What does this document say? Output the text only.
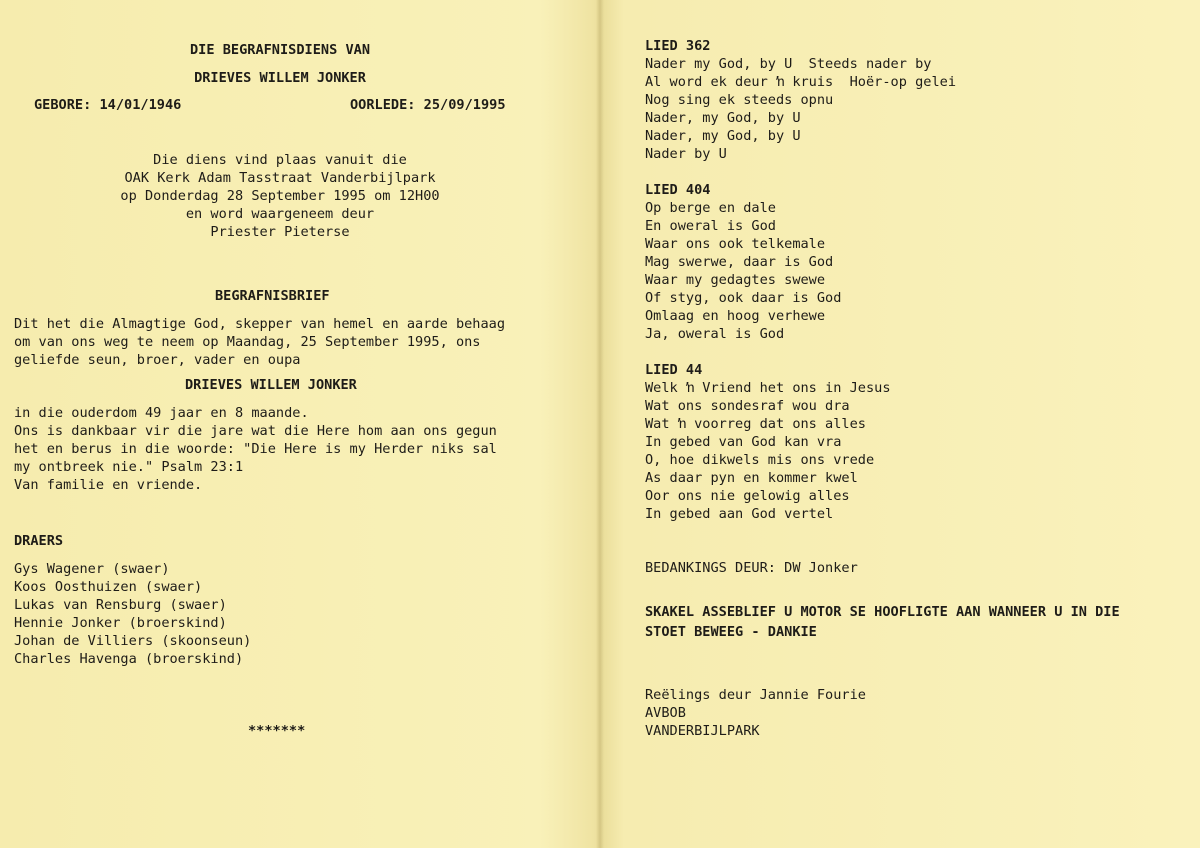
DIE BEGRAFNISDIENS VAN

DRIEVES WILLEM JONKER

GEBORE: 14/01/1946	OORLEDE: 25/09/1995

Die diens vind plaas vanuit die

OAK Kerk Adam Tasstraat Vanderbijlpark

op Donderdag 28 September 1995 om 12H00

en word waargeneem deur

Priester Pieterse

BEGRAFNISBRIEF

Dit het die Almagtige God, skepper van hemel en aarde behaag

om van ons weg te neem op Maandag, 25 September 1995, ons

geliefde seun, broer, vader en oupa

DRIEVES WILLEM JONKER

in die ouderdom 49 jaar en 8 maande.

Ons is dankbaar vir die jare wat die Here hom aan ons gegun

het en berus in die woorde: "Die Here is my Herder niks sal

my ontbreek nie." Psalm 23:1

Van familie en vriende.

DRAERS

Gys Wagener (swaer)

Koos Oosthuizen (swaer)

Lukas van Rensburg (swaer)

Hennie Jonker (broerskind)

Johan de Villiers (skoonseun)

Charles Havenga (broerskind)

*******

LIED 362

Nader my God, by U  Steeds nader by

Al word ek deur ŉ kruis  Hoër-op gelei

Nog sing ek steeds opnu

Nader, my God, by U

Nader, my God, by U

Nader by U

LIED 404

Op berge en dale

En oweral is God

Waar ons ook telkemale

Mag swerwe, daar is God

Waar my gedagtes swewe

Of styg, ook daar is God

Omlaag en hoog verhewe

Ja, oweral is God

LIED 44

Welk ŉ Vriend het ons in Jesus

Wat ons sondesraf wou dra

Wat ŉ voorreg dat ons alles

In gebed van God kan vra

O, hoe dikwels mis ons vrede

As daar pyn en kommer kwel

Oor ons nie gelowig alles

In gebed aan God vertel

BEDANKINGS DEUR: DW Jonker

SKAKEL ASSEBLIEF U MOTOR SE HOOFLIGTE AAN WANNEER U IN DIE

STOET BEWEEG - DANKIE

Reëlings deur Jannie Fourie

AVBOB

VANDERBIJLPARK
